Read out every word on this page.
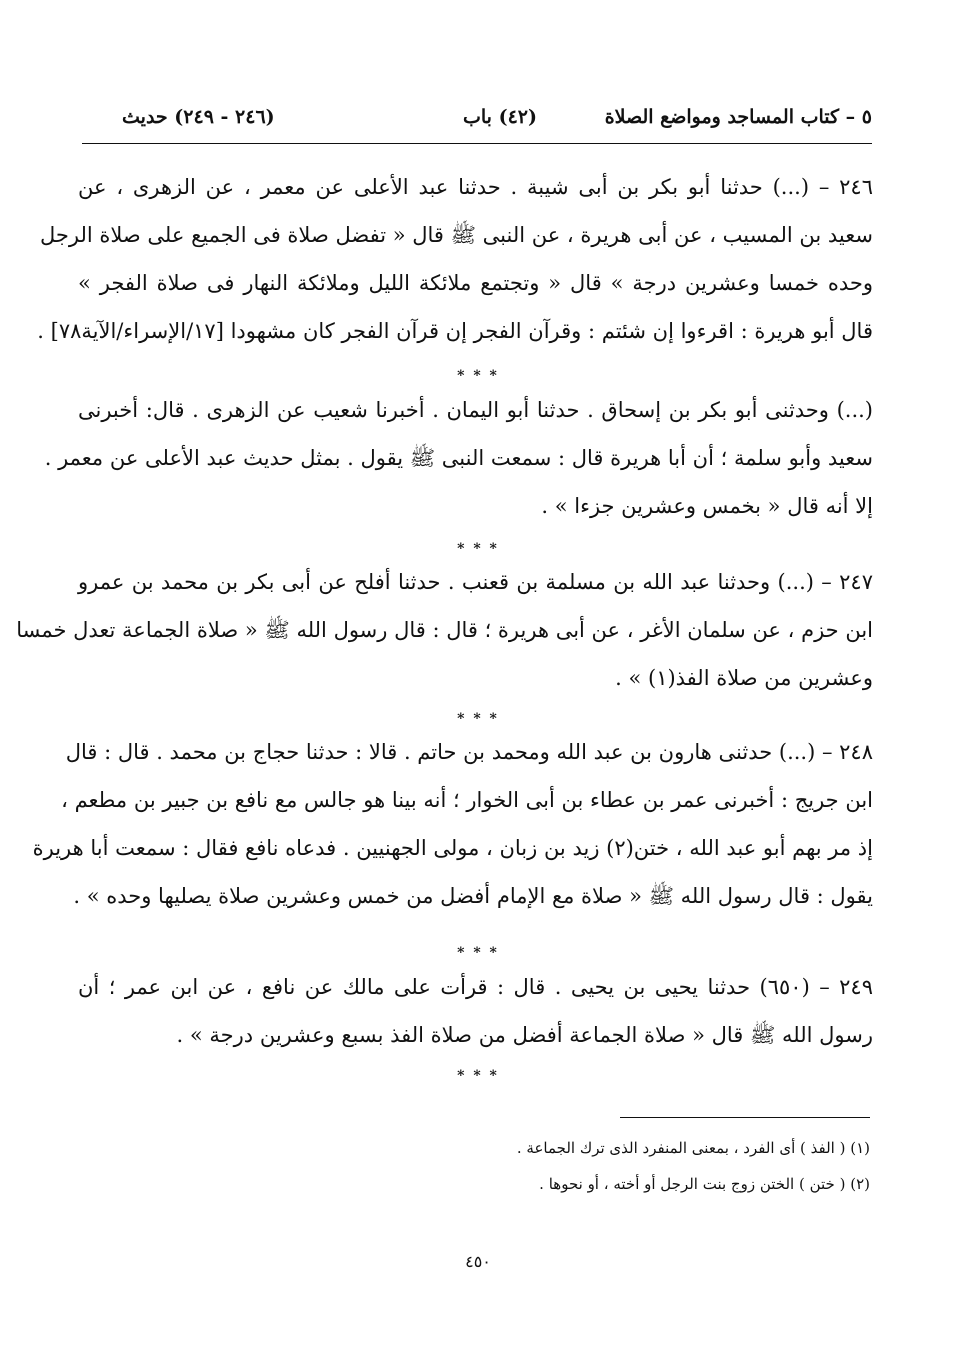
٥ – كتاب المساجد ومواضع الصلاة
(٤٢) باب
(٢٤٦ - ٢٤٩) حديث
٢٤٦ – (...) حدثنا أبو بكر بن أبى شيبة . حدثنا عبد الأعلى عن معمر ، عن الزهرى ، عن
سعيد بن المسيب ، عن أبى هريرة ، عن النبى ﷺ قال « تفضل صلاة فى الجميع على صلاة الرجل
وحده خمسا وعشرين درجة » قال « وتجتمع ملائكة الليل وملائكة النهار فى صلاة الفجر »
قال أبو هريرة : اقرءوا إن شئتم : وقرآن الفجر إن قرآن الفجر كان مشهودا [١٧/الإسراء/الآية٧٨] .
* * *
(...) وحدثنى أبو بكر بن إسحاق . حدثنا أبو اليمان . أخبرنا شعيب عن الزهرى . قال: أخبرنى
سعيد وأبو سلمة ؛ أن أبا هريرة قال : سمعت النبى ﷺ يقول . بمثل حديث عبد الأعلى عن معمر .
إلا أنه قال « بخمس وعشرين جزءا » .
* * *
٢٤٧ – (...) وحدثنا عبد الله بن مسلمة بن قعنب . حدثنا أفلح عن أبى بكر بن محمد بن عمرو
ابن حزم ، عن سلمان الأغر ، عن أبى هريرة ؛ قال : قال رسول الله ﷺ « صلاة الجماعة تعدل خمسا
وعشرين من صلاة الفذ(١) » .
* * *
٢٤٨ – (...) حدثنى هارون بن عبد الله ومحمد بن حاتم . قالا : حدثنا حجاج بن محمد . قال : قال
ابن جريج : أخبرنى عمر بن عطاء بن أبى الخوار ؛ أنه بينا هو جالس مع نافع بن جبير بن مطعم ،
إذ مر بهم أبو عبد الله ، ختن(٢) زيد بن زبان ، مولى الجهنيين . فدعاه نافع فقال : سمعت أبا هريرة
يقول : قال رسول الله ﷺ « صلاة مع الإمام أفضل من خمس وعشرين صلاة يصليها وحده » .
* * *
٢٤٩ – (٦٥٠) حدثنا يحيى بن يحيى . قال : قرأت على مالك عن نافع ، عن ابن عمر ؛ أن
رسول الله ﷺ قال « صلاة الجماعة أفضل من صلاة الفذ بسبع وعشرين درجة » .
* * *
(١) ( الفذ ) أى الفرد ، بمعنى المنفرد الذى ترك الجماعة .
(٢) ( ختن ) الختن زوج بنت الرجل أو أخته ، أو نحوها .
٤٥٠
